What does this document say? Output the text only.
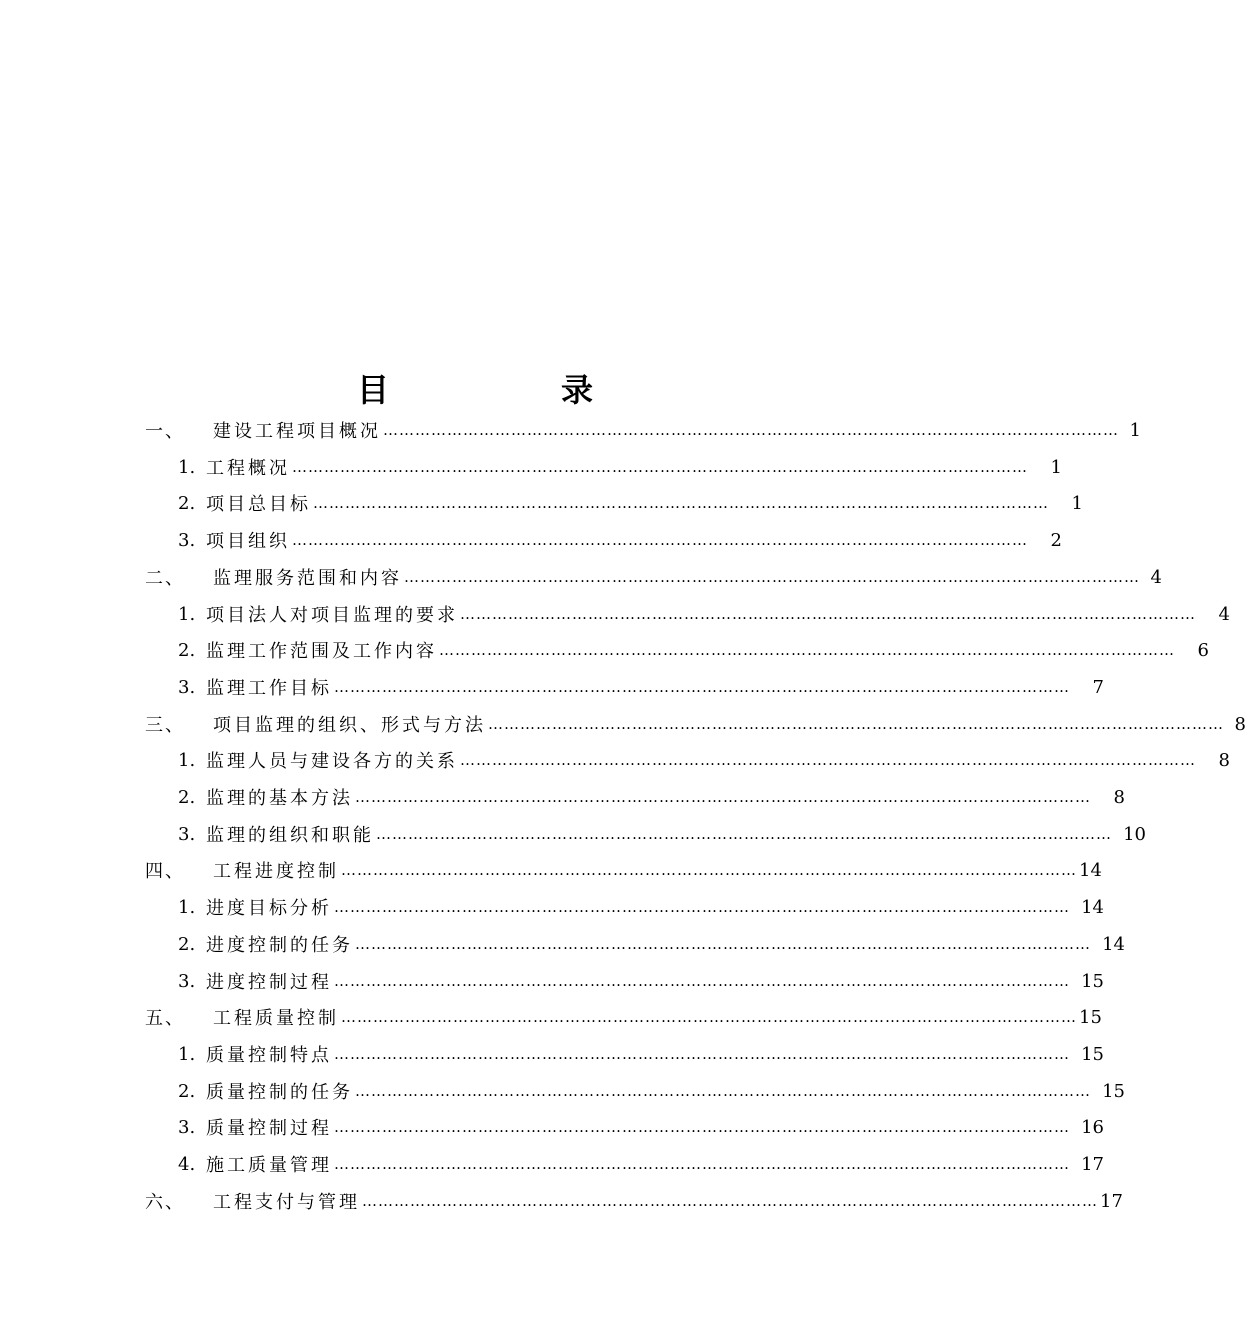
目　录
一、	建设工程项目概况 ………………………………………………………………………………………………………………………… 1
1. 工程概况 …………………………………………………………………………………………………………………………	1
2. 项目总目标 …………………………………………………………………………………………………………………………	1
3. 项目组织 …………………………………………………………………………………………………………………………	2
二、	监理服务范围和内容 ………………………………………………………………………………………………………………………… 4
1. 项目法人对项目监理的要求 …………………………………………………………………………………………………………………………	4
2. 监理工作范围及工作内容 …………………………………………………………………………………………………………………………	6
3. 监理工作目标 …………………………………………………………………………………………………………………………	7
三、	项目监理的组织、形式与方法 ………………………………………………………………………………………………………………………… 8
1. 监理人员与建设各方的关系 …………………………………………………………………………………………………………………………	8
2. 监理的基本方法 …………………………………………………………………………………………………………………………	8
3. 监理的组织和职能 ………………………………………………………………………………………………………………………… 10
四、	工程进度控制 ………………………………………………………………………………………………………………………… 14
1. 进度目标分析 ………………………………………………………………………………………………………………………… 14
2. 进度控制的任务 ………………………………………………………………………………………………………………………… 14
3. 进度控制过程 ………………………………………………………………………………………………………………………… 15
五、	工程质量控制 ………………………………………………………………………………………………………………………… 15
1. 质量控制特点 ………………………………………………………………………………………………………………………… 15
2. 质量控制的任务 ………………………………………………………………………………………………………………………… 15
3. 质量控制过程 ………………………………………………………………………………………………………………………… 16
4. 施工质量管理 ………………………………………………………………………………………………………………………… 17
六、	工程支付与管理 ………………………………………………………………………………………………………………………… 17
